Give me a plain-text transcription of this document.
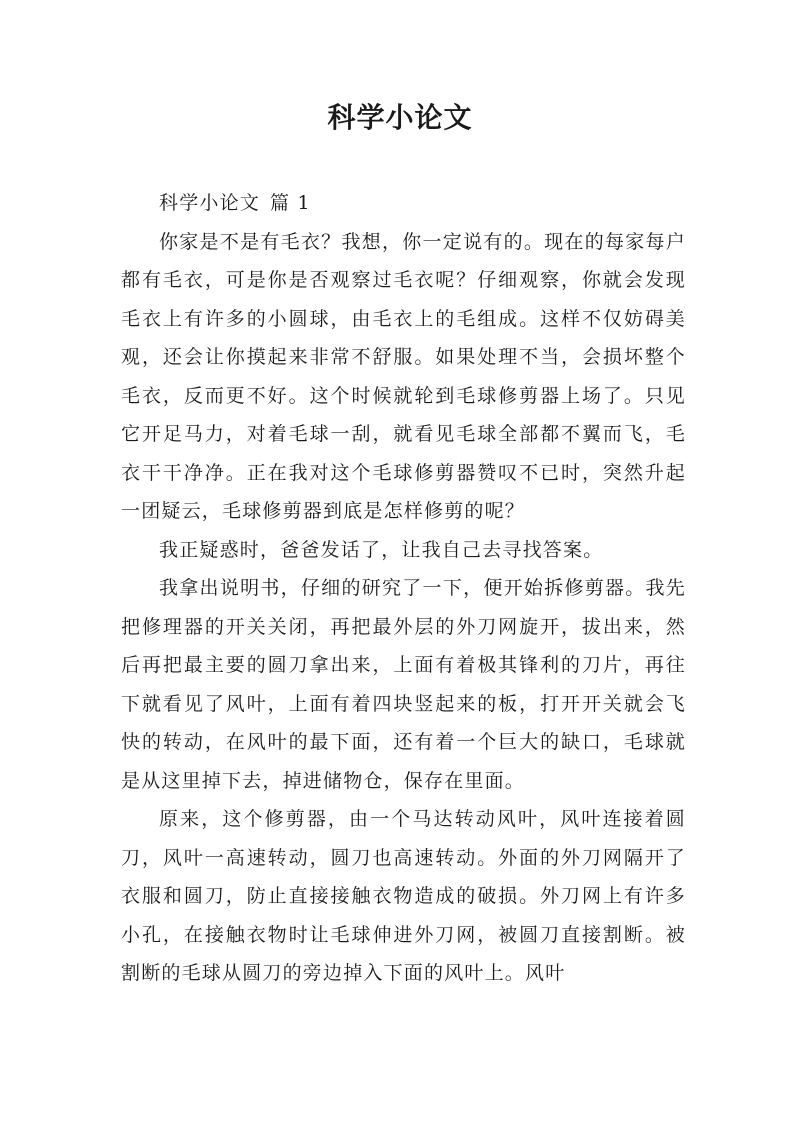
科学小论文

科学小论文 篇 1

你家是不是有毛衣？我想，你一定说有的。现在的每家每户都有毛衣，可是你是否观察过毛衣呢？仔细观察，你就会发现毛衣上有许多的小圆球，由毛衣上的毛组成。这样不仅妨碍美观，还会让你摸起来非常不舒服。如果处理不当，会损坏整个毛衣，反而更不好。这个时候就轮到毛球修剪器上场了。只见它开足马力，对着毛球一刮，就看见毛球全部都不翼而飞，毛衣干干净净。正在我对这个毛球修剪器赞叹不已时，突然升起一团疑云，毛球修剪器到底是怎样修剪的呢？

我正疑惑时，爸爸发话了，让我自己去寻找答案。

我拿出说明书，仔细的研究了一下，便开始拆修剪器。我先把修理器的开关关闭，再把最外层的外刀网旋开，拔出来，然后再把最主要的圆刀拿出来，上面有着极其锋利的刀片，再往下就看见了风叶，上面有着四块竖起来的板，打开开关就会飞快的转动，在风叶的最下面，还有着一个巨大的缺口，毛球就是从这里掉下去，掉进储物仓，保存在里面。

原来，这个修剪器，由一个马达转动风叶，风叶连接着圆刀，风叶一高速转动，圆刀也高速转动。外面的外刀网隔开了衣服和圆刀，防止直接接触衣物造成的破损。外刀网上有许多小孔，在接触衣物时让毛球伸进外刀网，被圆刀直接割断。被割断的毛球从圆刀的旁边掉入下面的风叶上。风叶
